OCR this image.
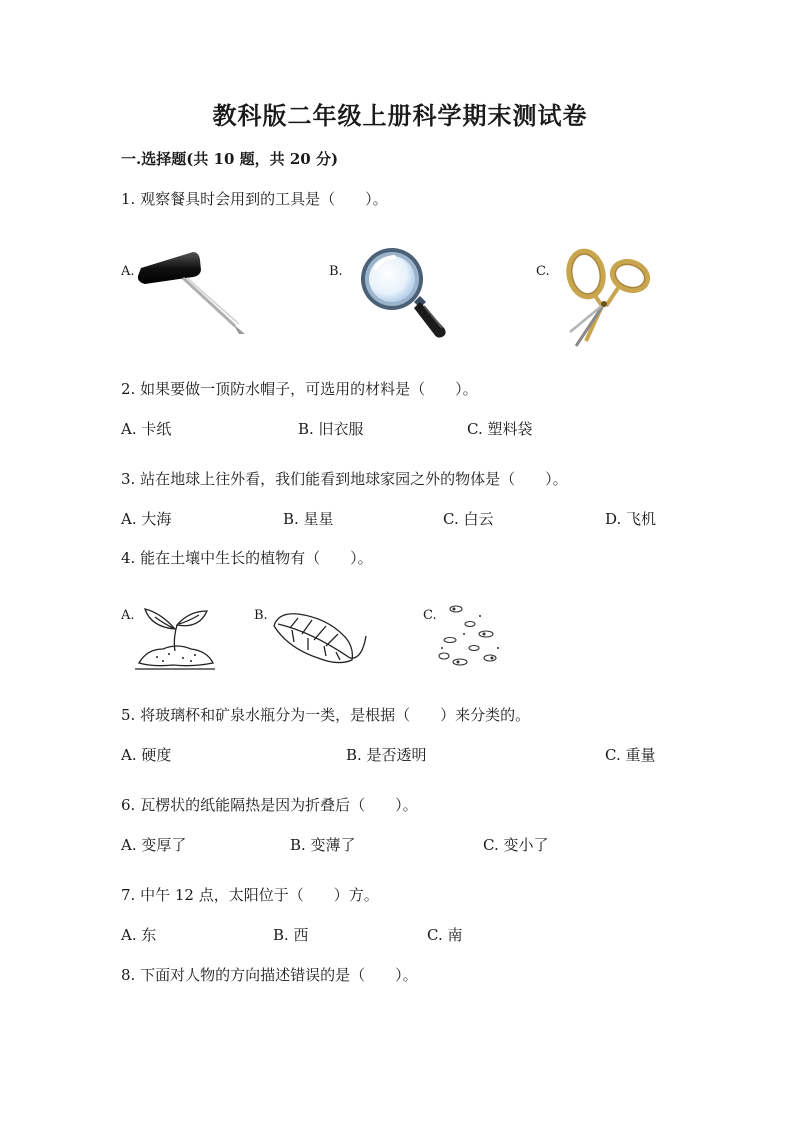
教科版二年级上册科学期末测试卷
一.选择题(共 10 题，共 20 分)
1. 观察餐具时会用到的工具是（　　）。
A.	B.	C.
2. 如果要做一顶防水帽子，可选用的材料是（　　）。
A. 卡纸	B. 旧衣服	C. 塑料袋
3. 站在地球上往外看，我们能看到地球家园之外的物体是（　　）。
A. 大海	B. 星星	C. 白云	D. 飞机
4. 能在土壤中生长的植物有（　　）。
A.	B.	C.
5. 将玻璃杯和矿泉水瓶分为一类，是根据（　　）来分类的。
A. 硬度	B. 是否透明	C. 重量
6. 瓦楞状的纸能隔热是因为折叠后（　　）。
A. 变厚了	B. 变薄了	C. 变小了
7. 中午 12 点，太阳位于（　　）方。
A. 东	B. 西	C. 南
8. 下面对人物的方向描述错误的是（　　）。
